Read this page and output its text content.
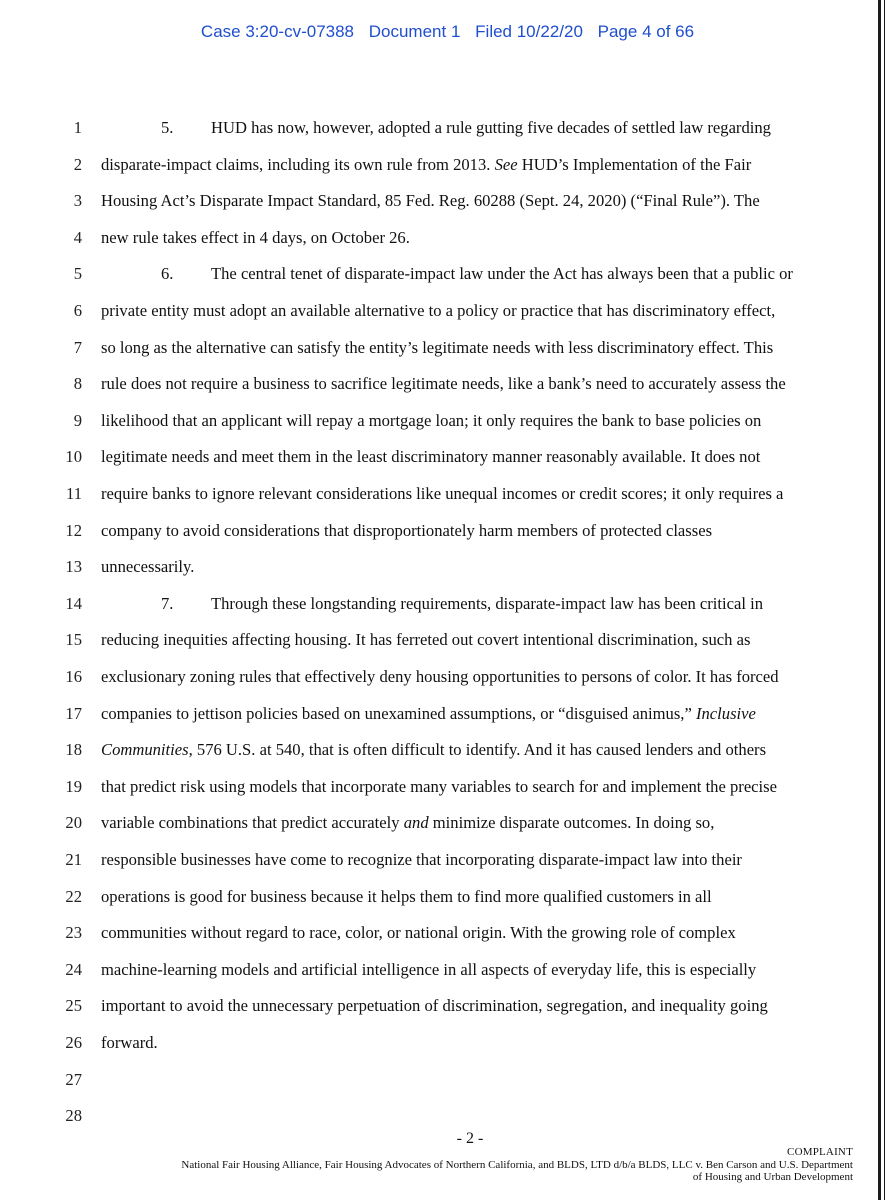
Case 3:20-cv-07388 Document 1 Filed 10/22/20 Page 4 of 66
1	5. HUD has now, however, adopted a rule gutting five decades of settled law regarding
2 disparate-impact claims, including its own rule from 2013. See HUD’s Implementation of the Fair
3 Housing Act’s Disparate Impact Standard, 85 Fed. Reg. 60288 (Sept. 24, 2020) (“Final Rule”). The
4 new rule takes effect in 4 days, on October 26.
5	6. The central tenet of disparate-impact law under the Act has always been that a public or
6 private entity must adopt an available alternative to a policy or practice that has discriminatory effect,
7 so long as the alternative can satisfy the entity’s legitimate needs with less discriminatory effect. This
8 rule does not require a business to sacrifice legitimate needs, like a bank’s need to accurately assess the
9 likelihood that an applicant will repay a mortgage loan; it only requires the bank to base policies on
10 legitimate needs and meet them in the least discriminatory manner reasonably available. It does not
11 require banks to ignore relevant considerations like unequal incomes or credit scores; it only requires a
12 company to avoid considerations that disproportionately harm members of protected classes
13 unnecessarily.
14	7. Through these longstanding requirements, disparate-impact law has been critical in
15 reducing inequities affecting housing. It has ferreted out covert intentional discrimination, such as
16 exclusionary zoning rules that effectively deny housing opportunities to persons of color. It has forced
17 companies to jettison policies based on unexamined assumptions, or “disguised animus,” Inclusive
18 Communities, 576 U.S. at 540, that is often difficult to identify. And it has caused lenders and others
19 that predict risk using models that incorporate many variables to search for and implement the precise
20 variable combinations that predict accurately and minimize disparate outcomes. In doing so,
21 responsible businesses have come to recognize that incorporating disparate-impact law into their
22 operations is good for business because it helps them to find more qualified customers in all
23 communities without regard to race, color, or national origin. With the growing role of complex
24 machine-learning models and artificial intelligence in all aspects of everyday life, this is especially
25 important to avoid the unnecessary perpetuation of discrimination, segregation, and inequality going
26 forward.
27
28
- 2 -
COMPLAINT
National Fair Housing Alliance, Fair Housing Advocates of Northern California, and BLDS, LTD d/b/a BLDS, LLC v. Ben Carson and U.S. Department
of Housing and Urban Development
